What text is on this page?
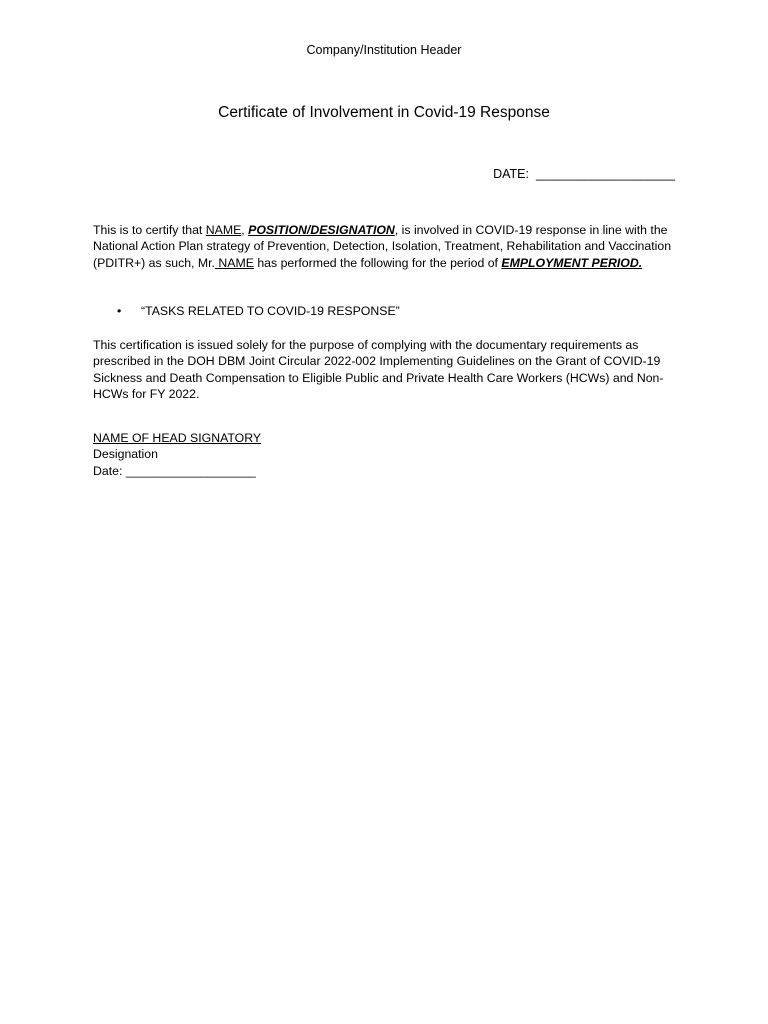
Company/Institution Header
Certificate of Involvement in Covid-19 Response
DATE: ____________________
This is to certify that NAME, POSITION/DESIGNATION, is involved in COVID-19 response in line with the National Action Plan strategy of Prevention, Detection, Isolation, Treatment, Rehabilitation and Vaccination (PDITR+) as such, Mr. NAME has performed the following for the period of EMPLOYMENT PERIOD.
• “TASKS RELATED TO COVID-19 RESPONSE”
This certification is issued solely for the purpose of complying with the documentary requirements as prescribed in the DOH DBM Joint Circular 2022-002 Implementing Guidelines on the Grant of COVID-19 Sickness and Death Compensation to Eligible Public and Private Health Care Workers (HCWs) and Non-HCWs for FY 2022.
NAME OF HEAD SIGNATORY
Designation
Date: ___________________
